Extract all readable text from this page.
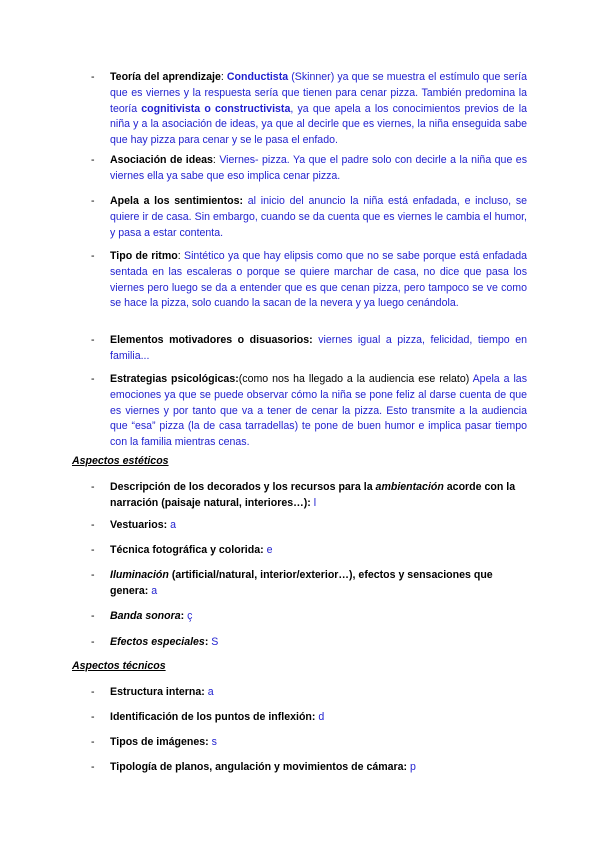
- Teoría del aprendizaje: Conductista (Skinner) ya que se muestra el estímulo que sería que es viernes y la respuesta sería que tienen para cenar pizza. También predomina la teoría cognitivista o constructivista, ya que apela a los conocimientos previos de la niña y a la asociación de ideas, ya que al decirle que es viernes, la niña enseguida sabe que hay pizza para cenar y se le pasa el enfado.
- Asociación de ideas: Viernes- pizza. Ya que el padre solo con decirle a la niña que es viernes ella ya sabe que eso implica cenar pizza.
- Apela a los sentimientos: al inicio del anuncio la niña está enfadada, e incluso, se quiere ir de casa. Sin embargo, cuando se da cuenta que es viernes le cambia el humor, y pasa a estar contenta.
- Tipo de ritmo: Sintético ya que hay elipsis como que no se sabe porque está enfadada sentada en las escaleras o porque se quiere marchar de casa, no dice que pasa los viernes pero luego se da a entender que es que cenan pizza, pero tampoco se ve como se hace la pizza, solo cuando la sacan de la nevera y ya luego cenándola.
- Elementos motivadores o disuasorios: viernes igual a pizza, felicidad, tiempo en familia...
- Estrategias psicológicas:(como nos ha llegado a la audiencia ese relato) Apela a las emociones ya que se puede observar cómo la niña se pone feliz al darse cuenta de que es viernes y por tanto que va a tener de cenar la pizza. Esto transmite a la audiencia que “esa” pizza (la de casa tarradellas) te pone de buen humor e implica pasar tiempo con la familia mientras cenas.
Aspectos estéticos
- Descripción de los decorados y los recursos para la ambientación acorde con la narración (paisaje natural, interiores…): l
- Vestuarios: a
- Técnica fotográfica y colorida: e
- Iluminación (artificial/natural, interior/exterior…), efectos y sensaciones que genera: a
- Banda sonora: ç
- Efectos especiales: S
Aspectos técnicos
- Estructura interna: a
- Identificación de los puntos de inflexión: d
- Tipos de imágenes: s
- Tipología de planos, angulación y movimientos de cámara: p
